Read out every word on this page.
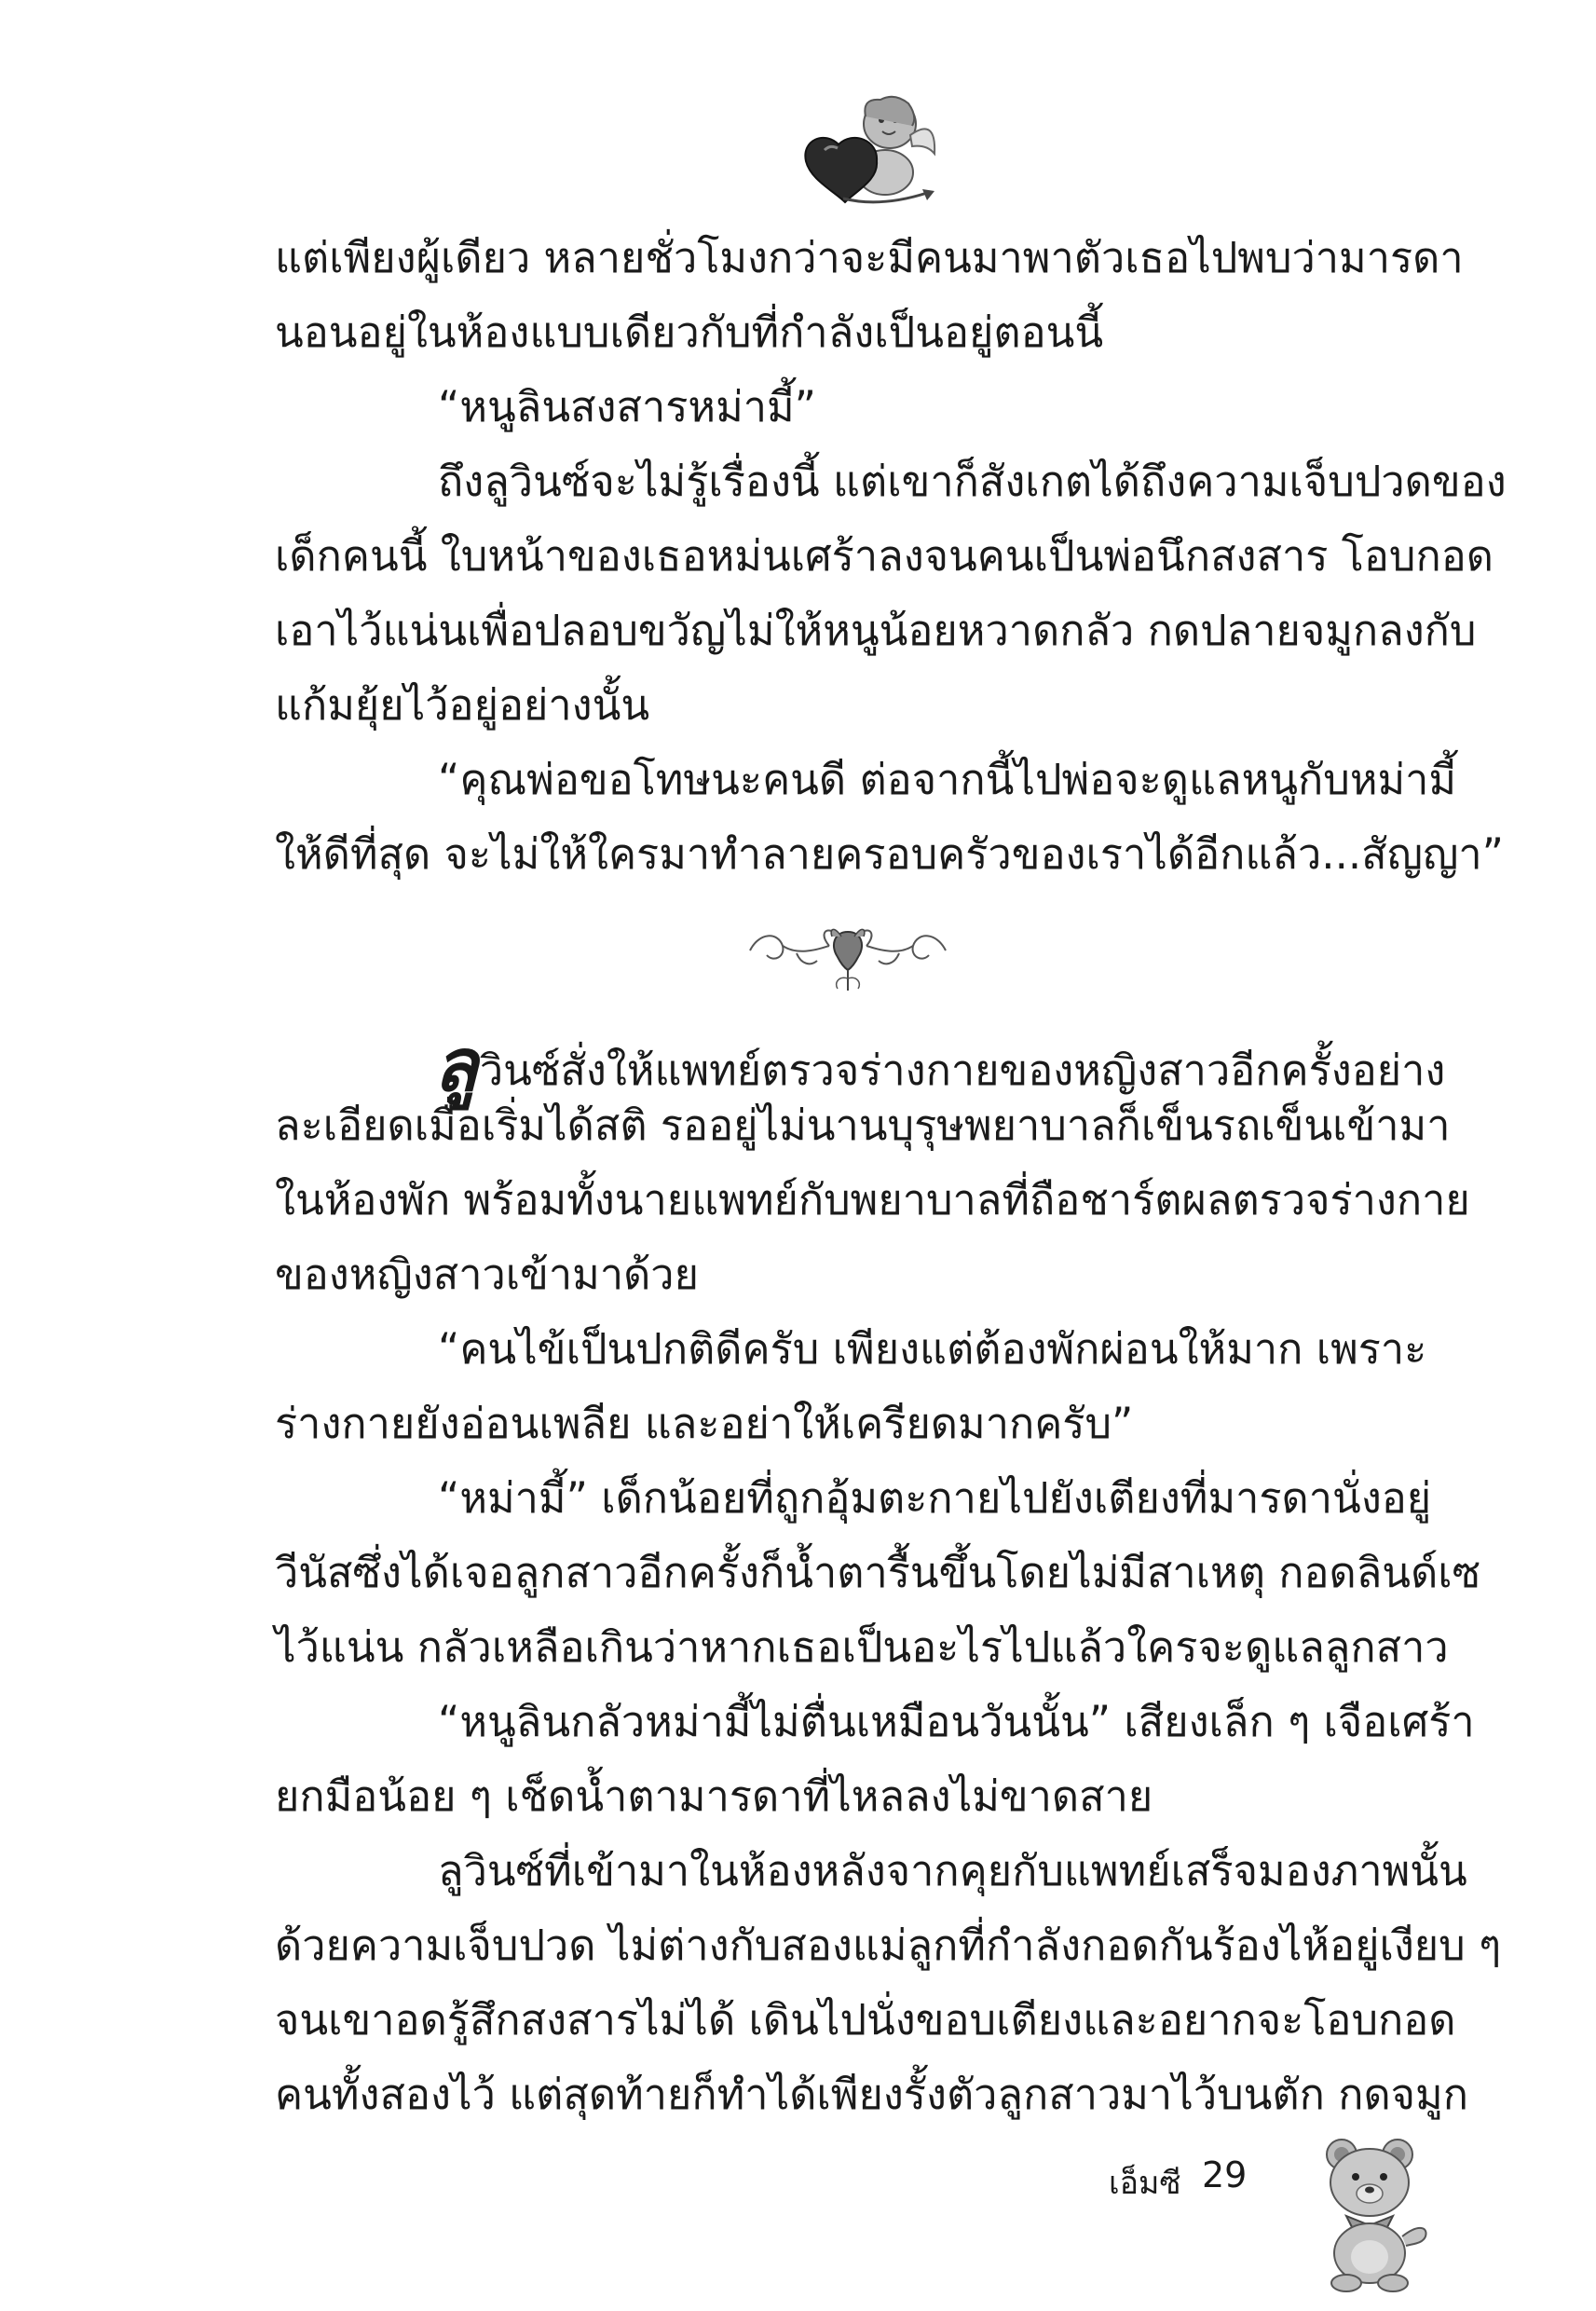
แต่เพียงผู้เดียว หลายชั่วโมงกว่าจะมีคนมาพาตัวเธอไปพบว่ามารดา
นอนอยู่ในห้องแบบเดียวกับที่กำลังเป็นอยู่ตอนนี้
“หนูลินสงสารหม่ามี้”
ถึงลูวินซ์จะไม่รู้เรื่องนี้ แต่เขาก็สังเกตได้ถึงความเจ็บปวดของ
เด็กคนนี้ ใบหน้าของเธอหม่นเศร้าลงจนคนเป็นพ่อนึกสงสาร โอบกอด
เอาไว้แน่นเพื่อปลอบขวัญไม่ให้หนูน้อยหวาดกลัว กดปลายจมูกลงกับ
แก้มยุ้ยไว้อยู่อย่างนั้น
“คุณพ่อขอโทษนะคนดี ต่อจากนี้ไปพ่อจะดูแลหนูกับหม่ามี้
ให้ดีที่สุด จะไม่ให้ใครมาทำลายครอบครัวของเราได้อีกแล้ว...สัญญา”
ลูวินซ์สั่งให้แพทย์ตรวจร่างกายของหญิงสาวอีกครั้งอย่าง
ละเอียดเมื่อเริ่มได้สติ รออยู่ไม่นานบุรุษพยาบาลก็เข็นรถเข็นเข้ามา
ในห้องพัก พร้อมทั้งนายแพทย์กับพยาบาลที่ถือชาร์ตผลตรวจร่างกาย
ของหญิงสาวเข้ามาด้วย
“คนไข้เป็นปกติดีครับ เพียงแต่ต้องพักผ่อนให้มาก เพราะ
ร่างกายยังอ่อนเพลีย และอย่าให้เครียดมากครับ”
“หม่ามี้” เด็กน้อยที่ถูกอุ้มตะกายไปยังเตียงที่มารดานั่งอยู่
วีนัสซึ่งได้เจอลูกสาวอีกครั้งก็น้ำตารื้นขึ้นโดยไม่มีสาเหตุ กอดลินด์เซ
ไว้แน่น กลัวเหลือเกินว่าหากเธอเป็นอะไรไปแล้วใครจะดูแลลูกสาว
“หนูลินกลัวหม่ามี้ไม่ตื่นเหมือนวันนั้น” เสียงเล็ก ๆ เจือเศร้า
ยกมือน้อย ๆ เช็ดน้ำตามารดาที่ไหลลงไม่ขาดสาย
ลูวินซ์ที่เข้ามาในห้องหลังจากคุยกับแพทย์เสร็จมองภาพนั้น
ด้วยความเจ็บปวด ไม่ต่างกับสองแม่ลูกที่กำลังกอดกันร้องไห้อยู่เงียบ ๆ
จนเขาอดรู้สึกสงสารไม่ได้ เดินไปนั่งขอบเตียงและอยากจะโอบกอด
คนทั้งสองไว้ แต่สุดท้ายก็ทำได้เพียงรั้งตัวลูกสาวมาไว้บนตัก กดจมูก
เอ็มซี 29
